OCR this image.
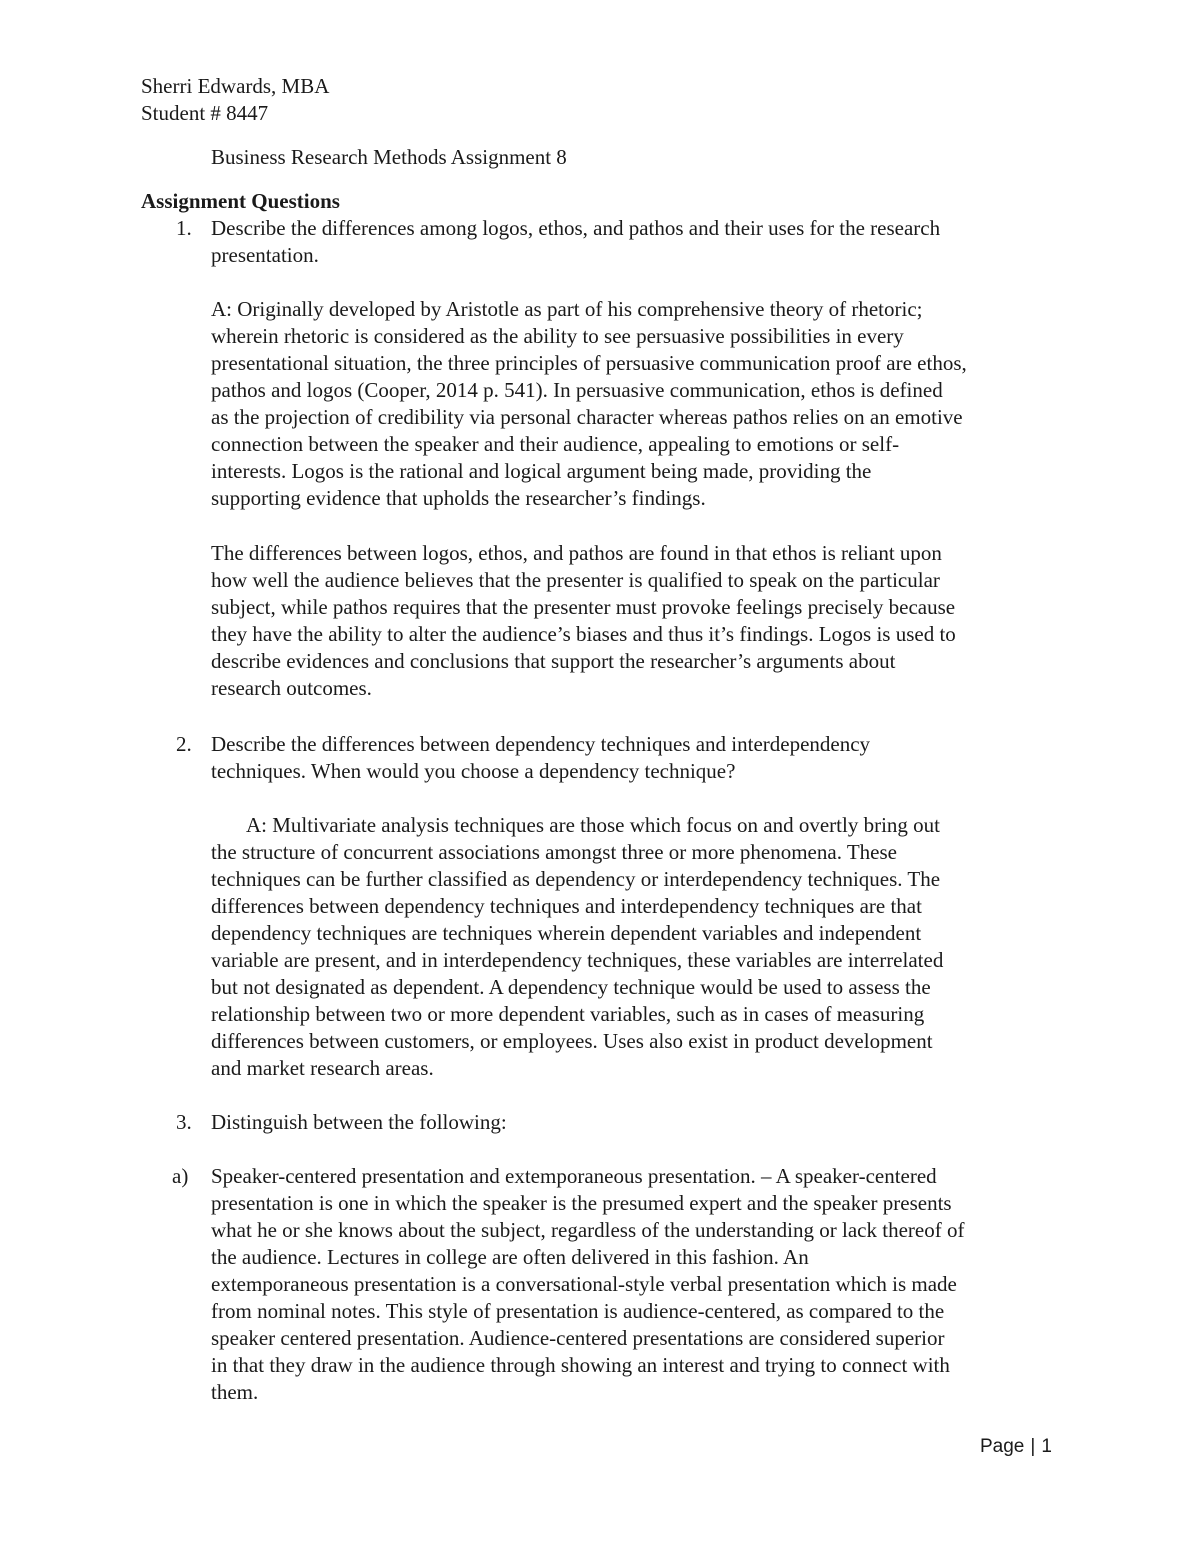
Sherri Edwards, MBA
Student # 8447
Business Research Methods Assignment 8
Assignment Questions
1. Describe the differences among logos, ethos, and pathos and their uses for the research
presentation.
A: Originally developed by Aristotle as part of his comprehensive theory of rhetoric;
wherein rhetoric is considered as the ability to see persuasive possibilities in every
presentational situation, the three principles of persuasive communication proof are ethos,
pathos and logos (Cooper, 2014 p. 541). In persuasive communication, ethos is defined
as the projection of credibility via personal character whereas pathos relies on an emotive
connection between the speaker and their audience, appealing to emotions or self-
interests. Logos is the rational and logical argument being made, providing the
supporting evidence that upholds the researcher’s findings.
The differences between logos, ethos, and pathos are found in that ethos is reliant upon
how well the audience believes that the presenter is qualified to speak on the particular
subject, while pathos requires that the presenter must provoke feelings precisely because
they have the ability to alter the audience’s biases and thus it’s findings. Logos is used to
describe evidences and conclusions that support the researcher’s arguments about
research outcomes.
2. Describe the differences between dependency techniques and interdependency
techniques. When would you choose a dependency technique?
A: Multivariate analysis techniques are those which focus on and overtly bring out
the structure of concurrent associations amongst three or more phenomena. These
techniques can be further classified as dependency or interdependency techniques. The
differences between dependency techniques and interdependency techniques are that
dependency techniques are techniques wherein dependent variables and independent
variable are present, and in interdependency techniques, these variables are interrelated
but not designated as dependent. A dependency technique would be used to assess the
relationship between two or more dependent variables, such as in cases of measuring
differences between customers, or employees. Uses also exist in product development
and market research areas.
3. Distinguish between the following:
a) Speaker-centered presentation and extemporaneous presentation. – A speaker-centered
presentation is one in which the speaker is the presumed expert and the speaker presents
what he or she knows about the subject, regardless of the understanding or lack thereof of
the audience. Lectures in college are often delivered in this fashion. An
extemporaneous presentation is a conversational-style verbal presentation which is made
from nominal notes. This style of presentation is audience-centered, as compared to the
speaker centered presentation. Audience-centered presentations are considered superior
in that they draw in the audience through showing an interest and trying to connect with
them.
Page | 1
